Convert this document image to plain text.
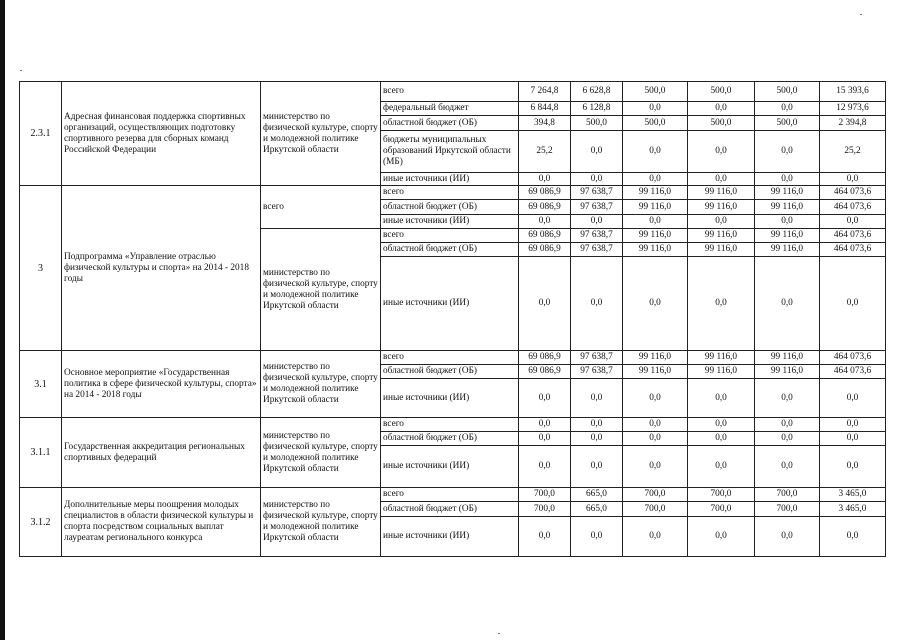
2.3.1	Адресная финансовая поддержка спортивных организаций, осуществляющих подготовку спортивного резерва для сборных команд Российской Федерации	министерство по физической культуре, спорту и молодежной политике Иркутской области	всего	7 264,8	6 628,8	500,0	500,0	500,0	15 393,6
			федеральный бюджет	6 844,8	6 128,8	0,0	0,0	0,0	12 973,6
			областной бюджет (ОБ)	394,8	500,0	500,0	500,0	500,0	2 394,8
			бюджеты муниципальных образований Иркутской области (МБ)	25,2	0,0	0,0	0,0	0,0	25,2
			иные источники (ИИ)	0,0	0,0	0,0	0,0	0,0	0,0
3	Подпрограмма «Управление отраслью физической культуры и спорта» на 2014 - 2018 годы	всего	всего	69 086,9	97 638,7	99 116,0	99 116,0	99 116,0	464 073,6
			областной бюджет (ОБ)	69 086,9	97 638,7	99 116,0	99 116,0	99 116,0	464 073,6
			иные источники (ИИ)	0,0	0,0	0,0	0,0	0,0	0,0
		министерство по физической культуре, спорту и молодежной политике Иркутской области	всего	69 086,9	97 638,7	99 116,0	99 116,0	99 116,0	464 073,6
			областной бюджет (ОБ)	69 086,9	97 638,7	99 116,0	99 116,0	99 116,0	464 073,6
			иные источники (ИИ)	0,0	0,0	0,0	0,0	0,0	0,0
3.1	Основное мероприятие «Государственная политика в сфере физической культуры, спорта» на 2014 - 2018 годы	министерство по физической культуре, спорту и молодежной политике Иркутской области	всего	69 086,9	97 638,7	99 116,0	99 116,0	99 116,0	464 073,6
			областной бюджет (ОБ)	69 086,9	97 638,7	99 116,0	99 116,0	99 116,0	464 073,6
			иные источники (ИИ)	0,0	0,0	0,0	0,0	0,0	0,0
3.1.1	Государственная аккредитация региональных спортивных федераций	министерство по физической культуре, спорту и молодежной политике Иркутской области	всего	0,0	0,0	0,0	0,0	0,0	0,0
			областной бюджет (ОБ)	0,0	0,0	0,0	0,0	0,0	0,0
			иные источники (ИИ)	0,0	0,0	0,0	0,0	0,0	0,0
3.1.2	Дополнительные меры поощрения молодых специалистов в области физической культуры и спорта посредством социальных выплат лауреатам регионального конкурса	министерство по физической культуре, спорту и молодежной политике Иркутской области	всего	700,0	665,0	700,0	700,0	700,0	3 465,0
			областной бюджет (ОБ)	700,0	665,0	700,0	700,0	700,0	3 465,0
			иные источники (ИИ)	0,0	0,0	0,0	0,0	0,0	0,0
